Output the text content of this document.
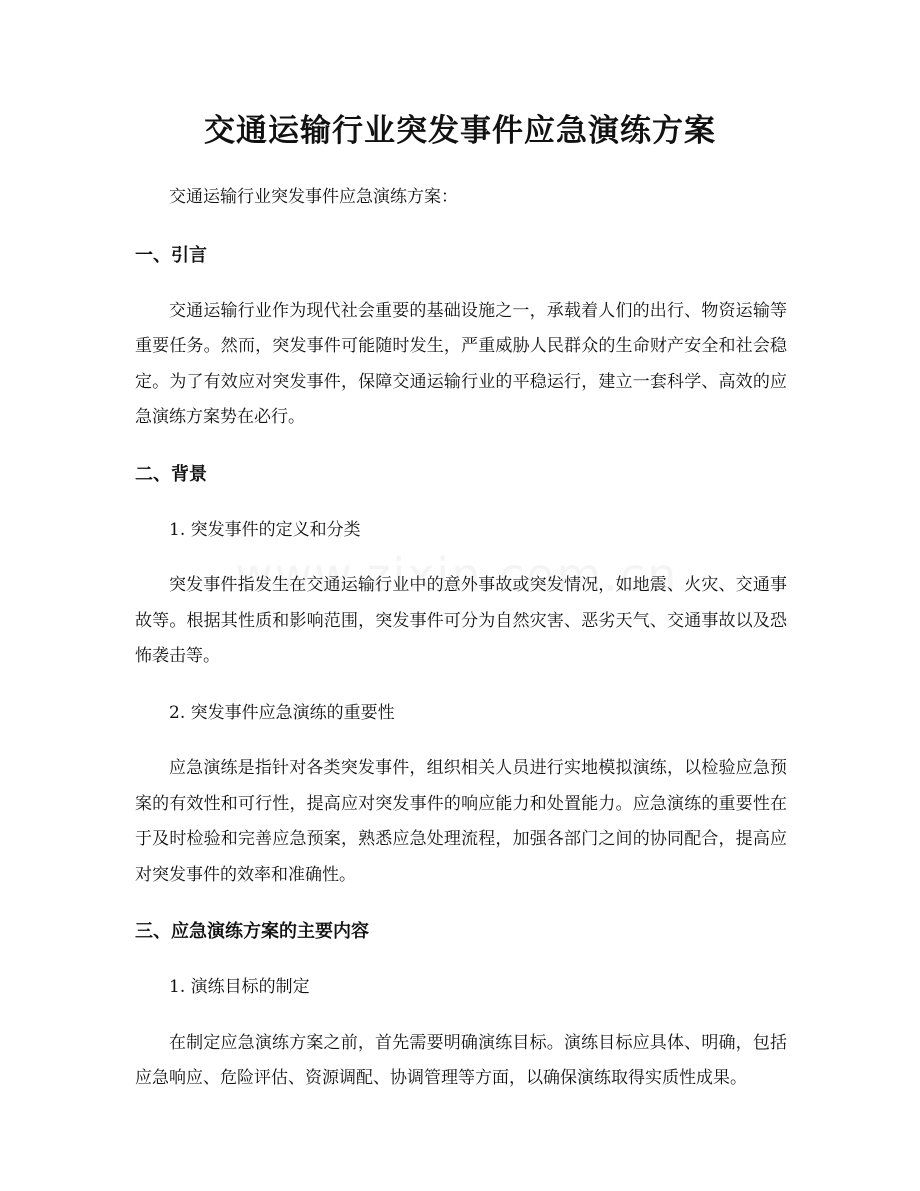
交通运输行业突发事件应急演练方案

交通运输行业突发事件应急演练方案：

一、引言

交通运输行业作为现代社会重要的基础设施之一，承载着人们的出行、物资运输等重要任务。然而，突发事件可能随时发生，严重威胁人民群众的生命财产安全和社会稳定。为了有效应对突发事件，保障交通运输行业的平稳运行，建立一套科学、高效的应急演练方案势在必行。

二、背景

1. 突发事件的定义和分类

突发事件指发生在交通运输行业中的意外事故或突发情况，如地震、火灾、交通事故等。根据其性质和影响范围，突发事件可分为自然灾害、恶劣天气、交通事故以及恐怖袭击等。

2. 突发事件应急演练的重要性

应急演练是指针对各类突发事件，组织相关人员进行实地模拟演练，以检验应急预案的有效性和可行性，提高应对突发事件的响应能力和处置能力。应急演练的重要性在于及时检验和完善应急预案，熟悉应急处理流程，加强各部门之间的协同配合，提高应对突发事件的效率和准确性。

三、应急演练方案的主要内容

1. 演练目标的制定

在制定应急演练方案之前，首先需要明确演练目标。演练目标应具体、明确，包括应急响应、危险评估、资源调配、协调管理等方面，以确保演练取得实质性成果。
